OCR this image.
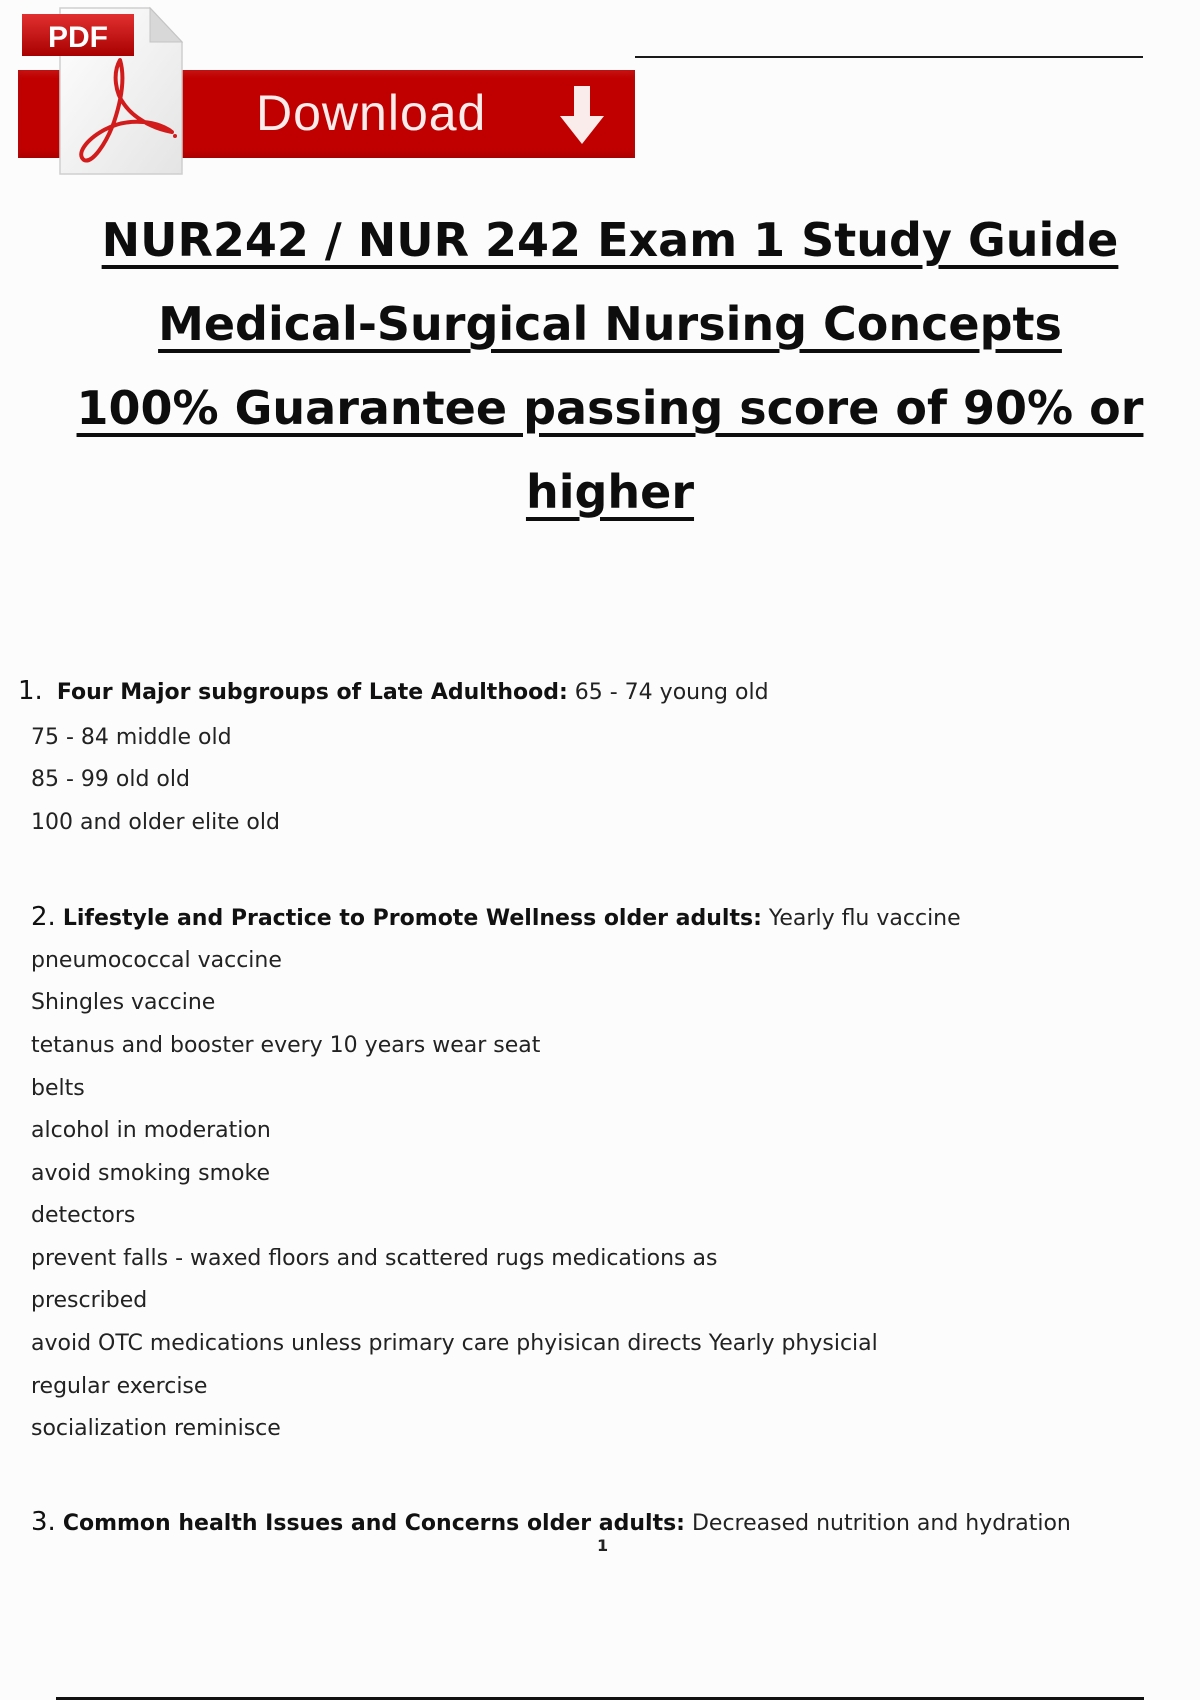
Download
PDF
NUR242 / NUR 242 Exam 1 Study Guide
Medical-Surgical Nursing Concepts
100% Guarantee passing score of 90% or
higher
1. Four Major subgroups of Late Adulthood: 65 - 74 young old
75 - 84 middle old
85 - 99 old old
100 and older elite old
2. Lifestyle and Practice to Promote Wellness older adults: Yearly flu vaccine
pneumococcal vaccine
Shingles vaccine
tetanus and booster every 10 years wear seat
belts
alcohol in moderation
avoid smoking smoke
detectors
prevent falls - waxed floors and scattered rugs medications as
prescribed
avoid OTC medications unless primary care phyisican directs Yearly physicial
regular exercise
socialization reminisce
3. Common health Issues and Concerns older adults: Decreased nutrition and hydration
1
